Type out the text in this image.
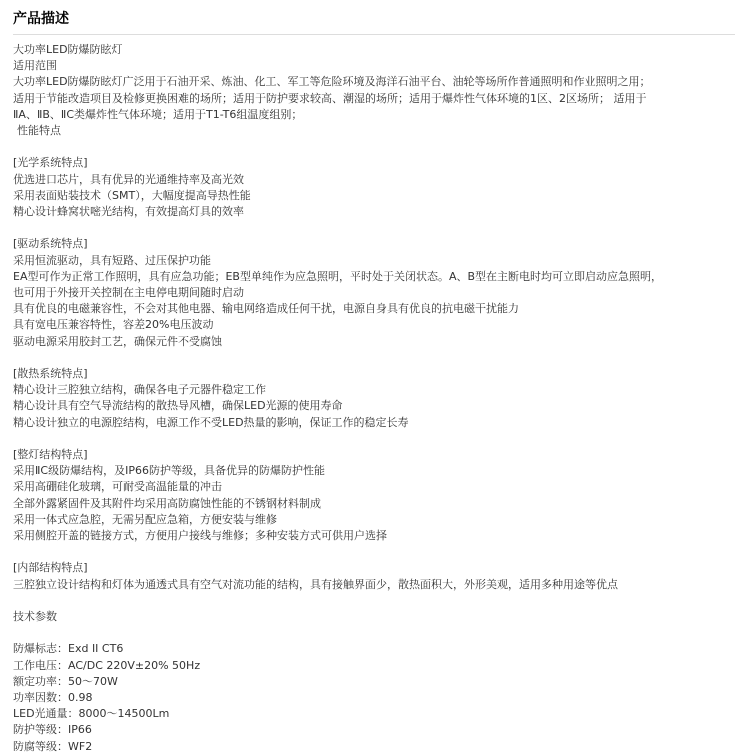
产品描述
大功率LED防爆防眩灯
适用范围
大功率LED防爆防眩灯广泛用于石油开采、炼油、化工、军工等危险环境及海洋石油平台、油轮等场所作普通照明和作业照明之用；
适用于节能改造项目及检修更换困难的场所；适用于防护要求较高、潮湿的场所；适用于爆炸性气体环境的1区、2区场所； 适用于
ⅡA、ⅡB、ⅡC类爆炸性气体环境；适用于T1-T6组温度组别；
性能特点
[光学系统特点]
优选进口芯片，具有优异的光通维持率及高光效
采用表面贴装技术（SMT），大幅度提高导热性能
精心设计蜂窝状嘧光结构，有效提高灯具的效率
[驱动系统特点]
采用恒流驱动，具有短路、过压保护功能
EA型可作为正常工作照明，具有应急功能；EB型单纯作为应急照明，平时处于关闭状态。A、B型在主断电时均可立即启动应急照明，
也可用于外接开关控制在主电停电期间随时启动
具有优良的电磁兼容性，不会对其他电器、输电网络造成任何干扰，电源自身具有优良的抗电磁干扰能力
具有宽电压兼容特性，容差20%电压波动
驱动电源采用胶封工艺，确保元件不受腐蚀
[散热系统特点]
精心设计三腔独立结构，确保各电子元器件稳定工作
精心设计具有空气导流结构的散热导风槽，确保LED光源的使用寿命
精心设计独立的电源腔结构，电源工作不受LED热量的影响，保证工作的稳定长寿
[整灯结构特点]
采用ⅡC级防爆结构，及IP66防护等级，具备优异的防爆防护性能
采用高硼硅化玻璃，可耐受高温能量的冲击
全部外露紧固件及其附件均采用高防腐蚀性能的不锈钢材料制成
采用一体式应急腔，无需另配应急箱，方便安装与维修
采用侧腔开盖的链接方式，方便用户接线与维修；多种安装方式可供用户选择
[内部结构特点]
三腔独立设计结构和灯体为通透式具有空气对流功能的结构，具有接触界面少，散热面积大，外形美观，适用多种用途等优点
技术参数
防爆标志：Exd II CT6
工作电压：AC/DC 220V±20% 50Hz
额定功率：50～70W
功率因数：0.98
LED光通量：8000～14500Lm
防护等级：IP66
防腐等级：WF2
